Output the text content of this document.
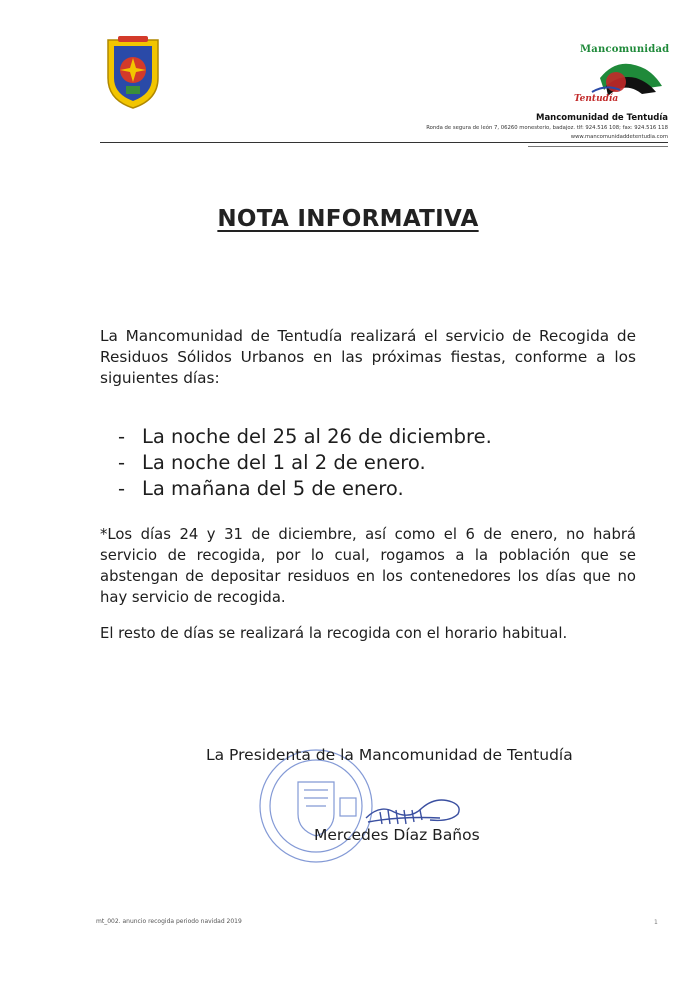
Mancomunidad
Tentudía
Mancomunidad de Tentudía
Ronda de segura de león 7, 06260 monesterio, badajoz. tlf: 924.516 108; fax: 924.516 118
www.mancomunidaddetentudia.com
NOTA INFORMATIVA
La Mancomunidad de Tentudía realizará el servicio de Recogida de Residuos Sólidos Urbanos en las próximas fiestas, conforme a los siguientes días:
- La noche del 25 al 26 de diciembre.
- La noche del 1 al 2 de enero.
- La mañana del 5 de enero.
*Los días 24 y 31 de diciembre, así como el 6 de enero, no habrá servicio de recogida, por lo cual, rogamos a la población que se abstengan de depositar residuos en los contenedores los días que no hay servicio de recogida.
El resto de días se realizará la recogida con el horario habitual.
La Presidenta de la Mancomunidad de Tentudía
Mercedes Díaz Baños
mt_002. anuncio recogida periodo navidad 2019	1
